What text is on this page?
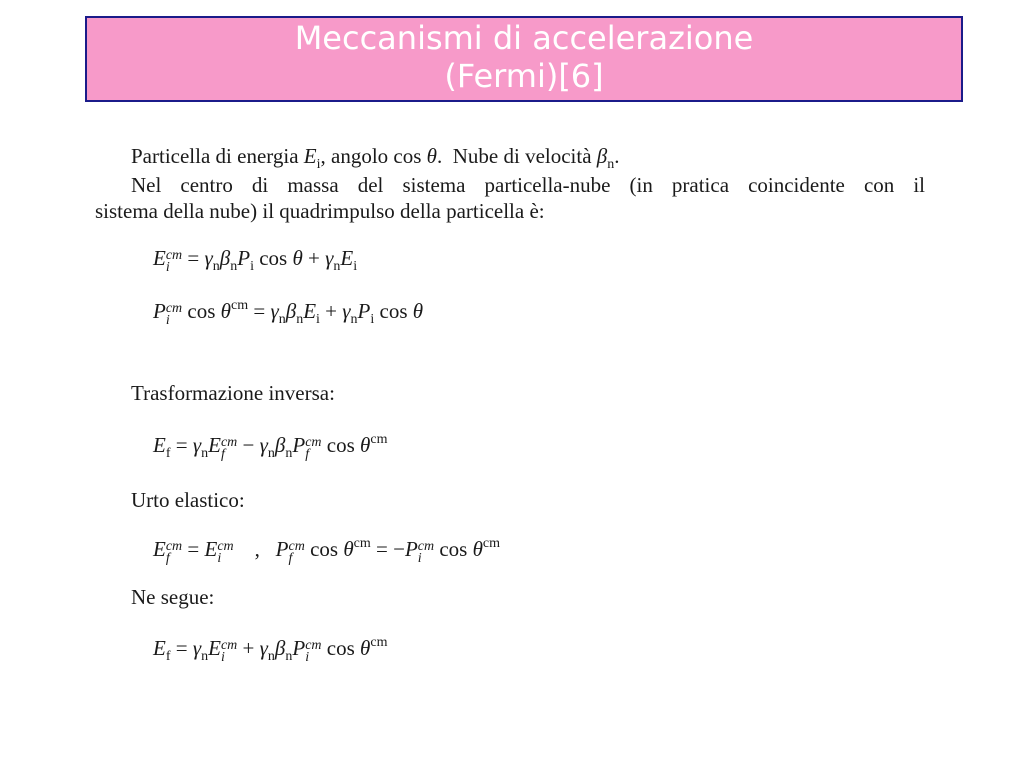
Meccanismi di accelerazione
(Fermi)[6]
Particella di energia $E_i$, angolo cos θ.  Nube di velocità $\beta_n$.
Nel centro di massa del sistema particella-nube (in pratica coincidente con il
sistema della nube) il quadrimpulso della particella è:
E cm
$i = \gamma_n\beta_nP_i$ $\cos \theta + \gamma_nE_i$
P cm
i $\cos \theta^{cm} = \gamma_n\beta_nE_i + \gamma_nP_i$ cos θ
Trasformazione inversa:
$E_f = \gamma_nE$ cm
$f - \gamma_n\beta_nP$ cm
f $\cos \theta^{cm}$
Urto elastico:
E cm
f = E cm
i ,   P cm
f $\cos \theta^{cm} = -P$ cm
i $\cos \theta^{cm}$
Ne segue:
$E_f = \gamma_nE$ cm
$i + \gamma_n\beta_nP$ cm
i $\cos \theta^{cm}$
